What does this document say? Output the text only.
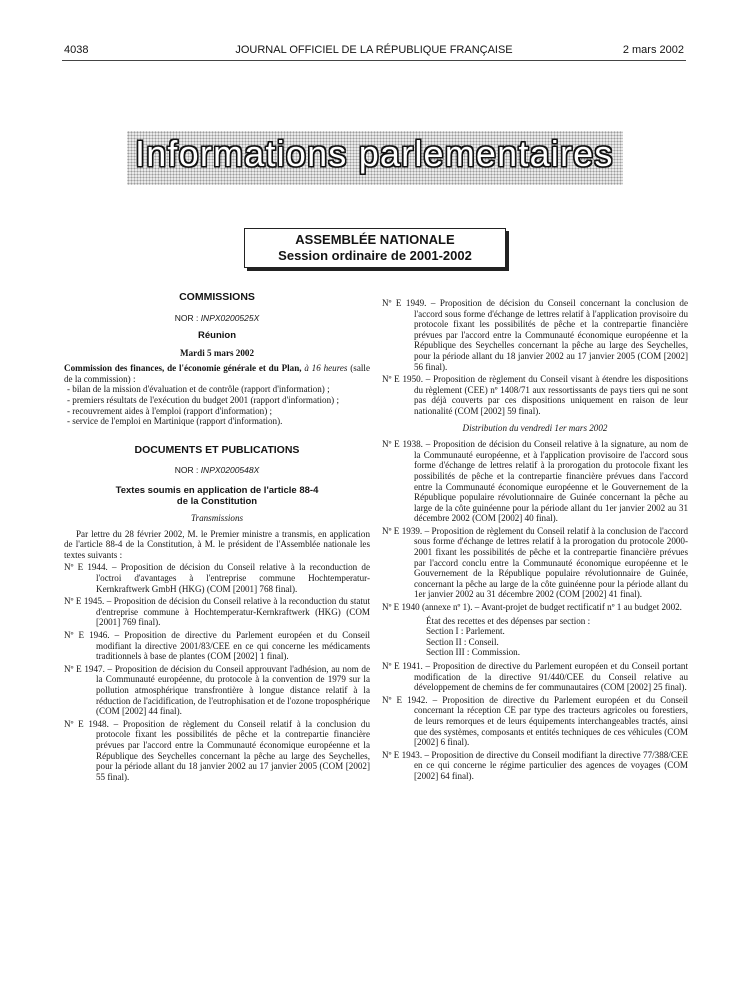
4038	JOURNAL OFFICIEL DE LA RÉPUBLIQUE FRANÇAISE	2 mars 2002
Informations parlementaires
ASSEMBLÉE NATIONALE
Session ordinaire de 2001-2002
COMMISSIONS
NOR : INPX0200525X
Réunion
Mardi 5 mars 2002

Commission des finances, de l'économie générale et du Plan, à 16 heures (salle de la commission) :

- bilan de la mission d'évaluation et de contrôle (rapport d'information) ;
- premiers résultats de l'exécution du budget 2001 (rapport d'information) ;
- recouvrement aides à l'emploi (rapport d'information) ;
- service de l'emploi en Martinique (rapport d'information).
DOCUMENTS ET PUBLICATIONS
NOR : INPX0200548X
Textes soumis en application de l'article 88-4
de la Constitution
Transmissions

Par lettre du 28 février 2002, M. le Premier ministre a transmis, en application de l'article 88-4 de la Constitution, à M. le président de l'Assemblée nationale les textes suivants :

Nº E 1944. – Proposition de décision du Conseil relative à la reconduction de l'octroi d'avantages à l'entreprise commune Hochtemperatur-Kernkraftwerk GmbH (HKG) (COM [2001] 768 final).
Nº E 1945. – Proposition de décision du Conseil relative à la reconduction du statut d'entreprise commune à Hochtemperatur-Kernkraftwerk (HKG) (COM [2001] 769 final).
Nº E 1946. – Proposition de directive du Parlement européen et du Conseil modifiant la directive 2001/83/CEE en ce qui concerne les médicaments traditionnels à base de plantes (COM [2002] 1 final).
Nº E 1947. – Proposition de décision du Conseil approuvant l'adhésion, au nom de la Communauté européenne, du protocole à la convention de 1979 sur la pollution atmosphérique transfrontière à longue distance relatif à la réduction de l'acidification, de l'eutrophisation et de l'ozone troposphérique (COM [2002] 44 final).
Nº E 1948. – Proposition de règlement du Conseil relatif à la conclusion du protocole fixant les possibilités de pêche et la contrepartie financière prévues par l'accord entre la Communauté économique européenne et la République des Seychelles concernant la pêche au large des Seychelles, pour la période allant du 18 janvier 2002 au 17 janvier 2005 (COM [2002] 55 final).
Nº E 1949. – Proposition de décision du Conseil concernant la conclusion de l'accord sous forme d'échange de lettres relatif à l'application provisoire du protocole fixant les possibilités de pêche et la contrepartie financière prévues par l'accord entre la Communauté économique européenne et la République des Seychelles concernant la pêche au large des Seychelles, pour la période allant du 18 janvier 2002 au 17 janvier 2005 (COM [2002] 56 final).
Nº E 1950. – Proposition de règlement du Conseil visant à étendre les dispositions du règlement (CEE) nº 1408/71 aux ressortissants de pays tiers qui ne sont pas déjà couverts par ces dispositions uniquement en raison de leur nationalité (COM [2002] 59 final).
Distribution du vendredi 1er mars 2002
Nº E 1938. – Proposition de décision du Conseil relative à la signature, au nom de la Communauté européenne, et à l'application provisoire de l'accord sous forme d'échange de lettres relatif à la prorogation du protocole fixant les possibilités de pêche et la contrepartie financière prévues dans l'accord entre la Communauté économique européenne et le Gouvernement de la République populaire révolutionnaire de Guinée concernant la pêche au large de la côte guinéenne pour la période allant du 1er janvier 2002 au 31 décembre 2002 (COM [2002] 40 final).
Nº E 1939. – Proposition de règlement du Conseil relatif à la conclusion de l'accord sous forme d'échange de lettres relatif à la prorogation du protocole 2000-2001 fixant les possibilités de pêche et la contrepartie financière prévues par l'accord conclu entre la Communauté économique européenne et le Gouvernement de la République populaire révolutionnaire de Guinée, concernant la pêche au large de la côte guinéenne pour la période allant du 1er janvier 2002 au 31 décembre 2002 (COM [2002] 41 final).
Nº E 1940 (annexe nº 1). – Avant-projet de budget rectificatif nº 1 au budget 2002.
État des recettes et des dépenses par section :
Section I : Parlement.
Section II : Conseil.
Section III : Commission.
Nº E 1941. – Proposition de directive du Parlement européen et du Conseil portant modification de la directive 91/440/CEE du Conseil relative au développement de chemins de fer communautaires (COM [2002] 25 final).
Nº E 1942. – Proposition de directive du Parlement européen et du Conseil concernant la réception CE par type des tracteurs agricoles ou forestiers, de leurs remorques et de leurs équipements interchangeables tractés, ainsi que des systèmes, composants et entités techniques de ces véhicules (COM [2002] 6 final).
Nº E 1943. – Proposition de directive du Conseil modifiant la directive 77/388/CEE en ce qui concerne le régime particulier des agences de voyages (COM [2002] 64 final).
